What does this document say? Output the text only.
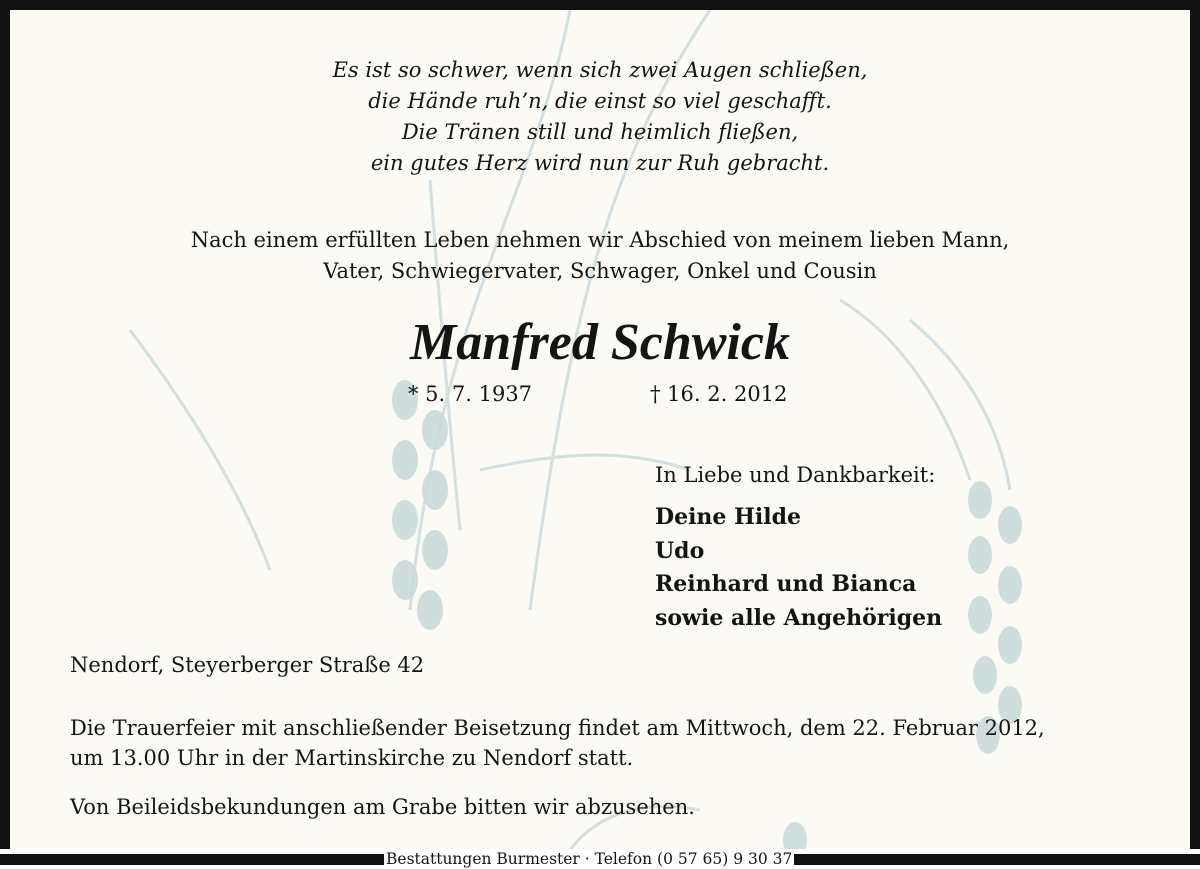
Es ist so schwer, wenn sich zwei Augen schließen,
die Hände ruh’n, die einst so viel geschafft.
Die Tränen still und heimlich fließen,
ein gutes Herz wird nun zur Ruh gebracht.
Nach einem erfüllten Leben nehmen wir Abschied von meinem lieben Mann,
Vater, Schwiegervater, Schwager, Onkel und Cousin
Manfred Schwick
* 5. 7. 1937	† 16. 2. 2012
In Liebe und Dankbarkeit:
Deine Hilde
Udo
Reinhard und Bianca
sowie alle Angehörigen
Nendorf, Steyerberger Straße 42
Die Trauerfeier mit anschließender Beisetzung findet am Mittwoch, dem 22. Februar 2012,
um 13.00 Uhr in der Martinskirche zu Nendorf statt.
Von Beileidsbekundungen am Grabe bitten wir abzusehen.
Bestattungen Burmester · Telefon (0 57 65) 9 30 37
